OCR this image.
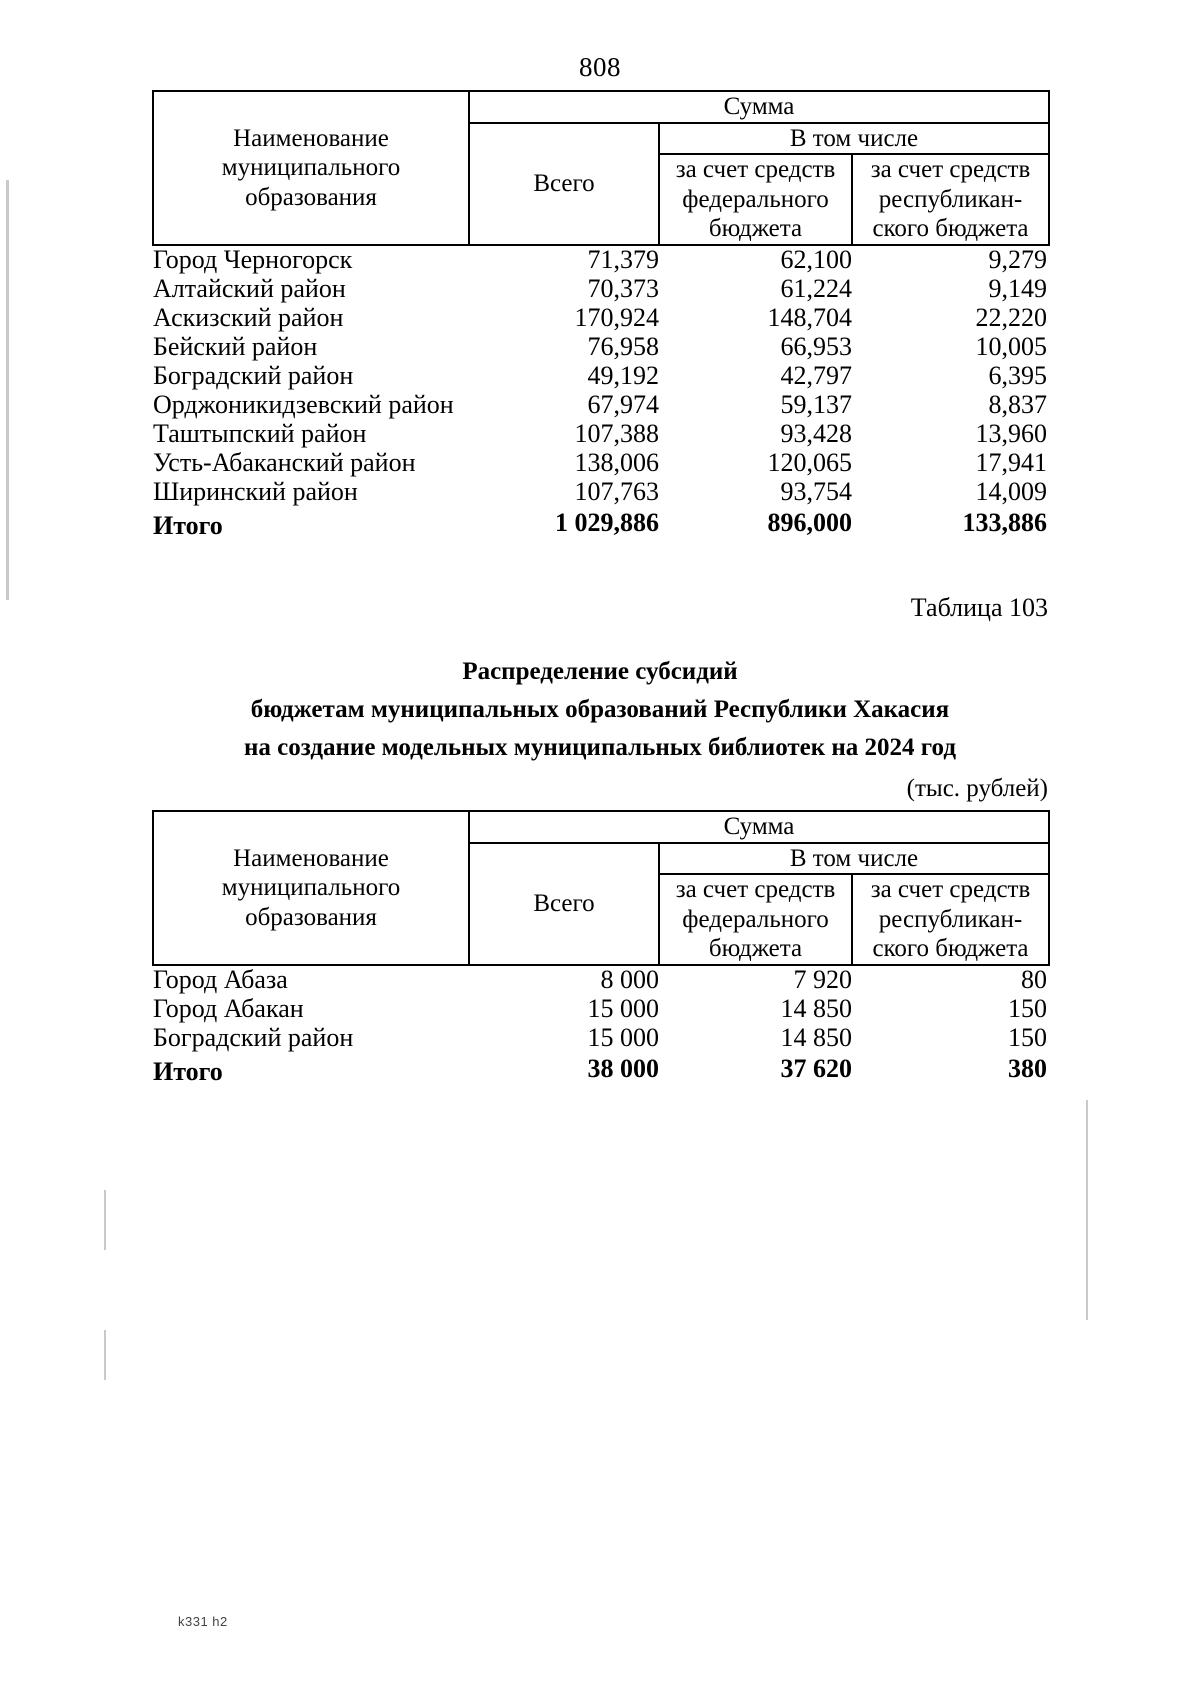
808
Наименование
муниципального
образования	Сумма		
	Всего	В том числе	

за счет средств
федерального
бюджета

за счет средств
республикан-
ского бюджета

Город Черногорск	71,379	62,100	9,279
Алтайский район	70,373	61,224	9,149
Аскизский район	170,924	148,704	22,220
Бейский район	76,958	66,953	10,005
Боградский район	49,192	42,797	6,395
Орджоникидзевский район	67,974	59,137	8,837
Таштыпский район	107,388	93,428	13,960
Усть-Абаканский район	138,006	120,065	17,941
Ширинский район	107,763	93,754	14,009
Итого	1 029,886	896,000	133,886
Таблица 103
Распределение субсидий
бюджетам муниципальных образований Республики Хакасия
на создание модельных муниципальных библиотек на 2024 год
(тыс. рублей)
Наименование
муниципального
образования	Сумма		
	Всего	В том числе	

за счет средств
федерального
бюджета

за счет средств
республикан-
ского бюджета

Город Абаза	8 000	7 920	80
Город Абакан	15 000	14 850	150
Боградский район	15 000	14 850	150
Итого	38 000	37 620	380
k331 h2
